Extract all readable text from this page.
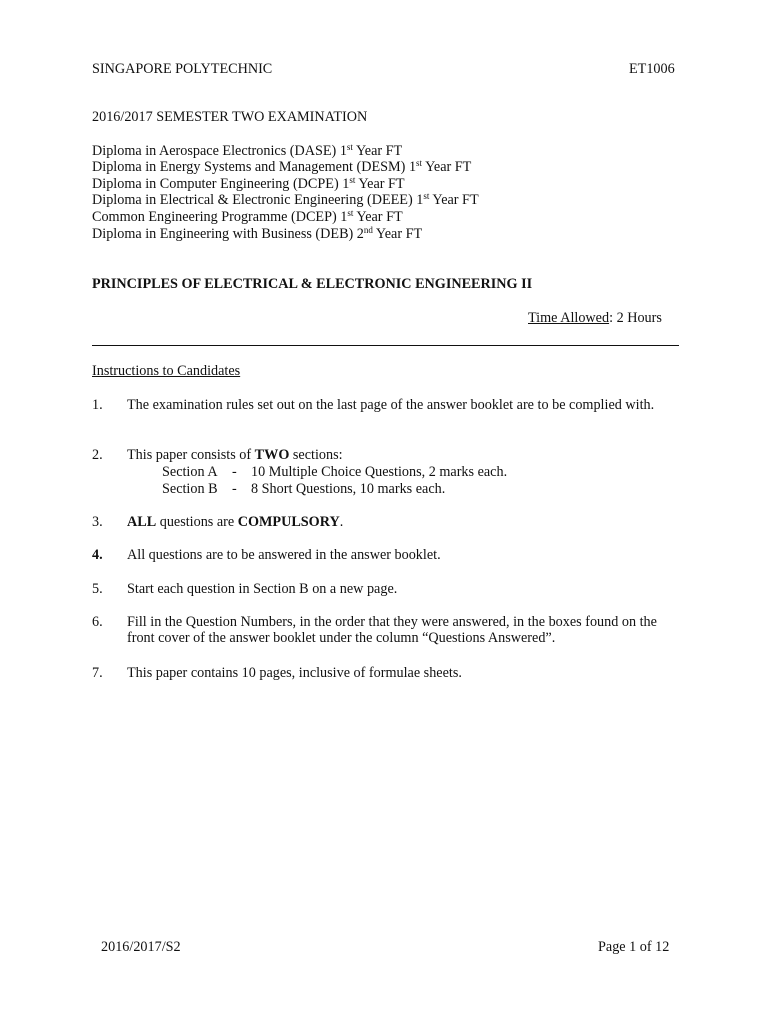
SINGAPORE POLYTECHNIC	ET1006
2016/2017 SEMESTER TWO EXAMINATION
Diploma in Aerospace Electronics (DASE) 1st Year FT
Diploma in Energy Systems and Management (DESM) 1st Year FT
Diploma in Computer Engineering (DCPE) 1st Year FT
Diploma in Electrical & Electronic Engineering (DEEE) 1st Year FT
Common Engineering Programme (DCEP) 1st Year FT
Diploma in Engineering with Business (DEB) 2nd Year FT
PRINCIPLES OF ELECTRICAL & ELECTRONIC ENGINEERING II
Time Allowed: 2 Hours
Instructions to Candidates
1. The examination rules set out on the last page of the answer booklet are to be complied with.
2. This paper consists of TWO sections:
Section A - 10 Multiple Choice Questions, 2 marks each.
Section B - 8 Short Questions, 10 marks each.
3. ALL questions are COMPULSORY.
4. All questions are to be answered in the answer booklet.
5. Start each question in Section B on a new page.
6. Fill in the Question Numbers, in the order that they were answered, in the boxes found on the front cover of the answer booklet under the column “Questions Answered”.
7. This paper contains 10 pages, inclusive of formulae sheets.
2016/2017/S2	Page 1 of 12
